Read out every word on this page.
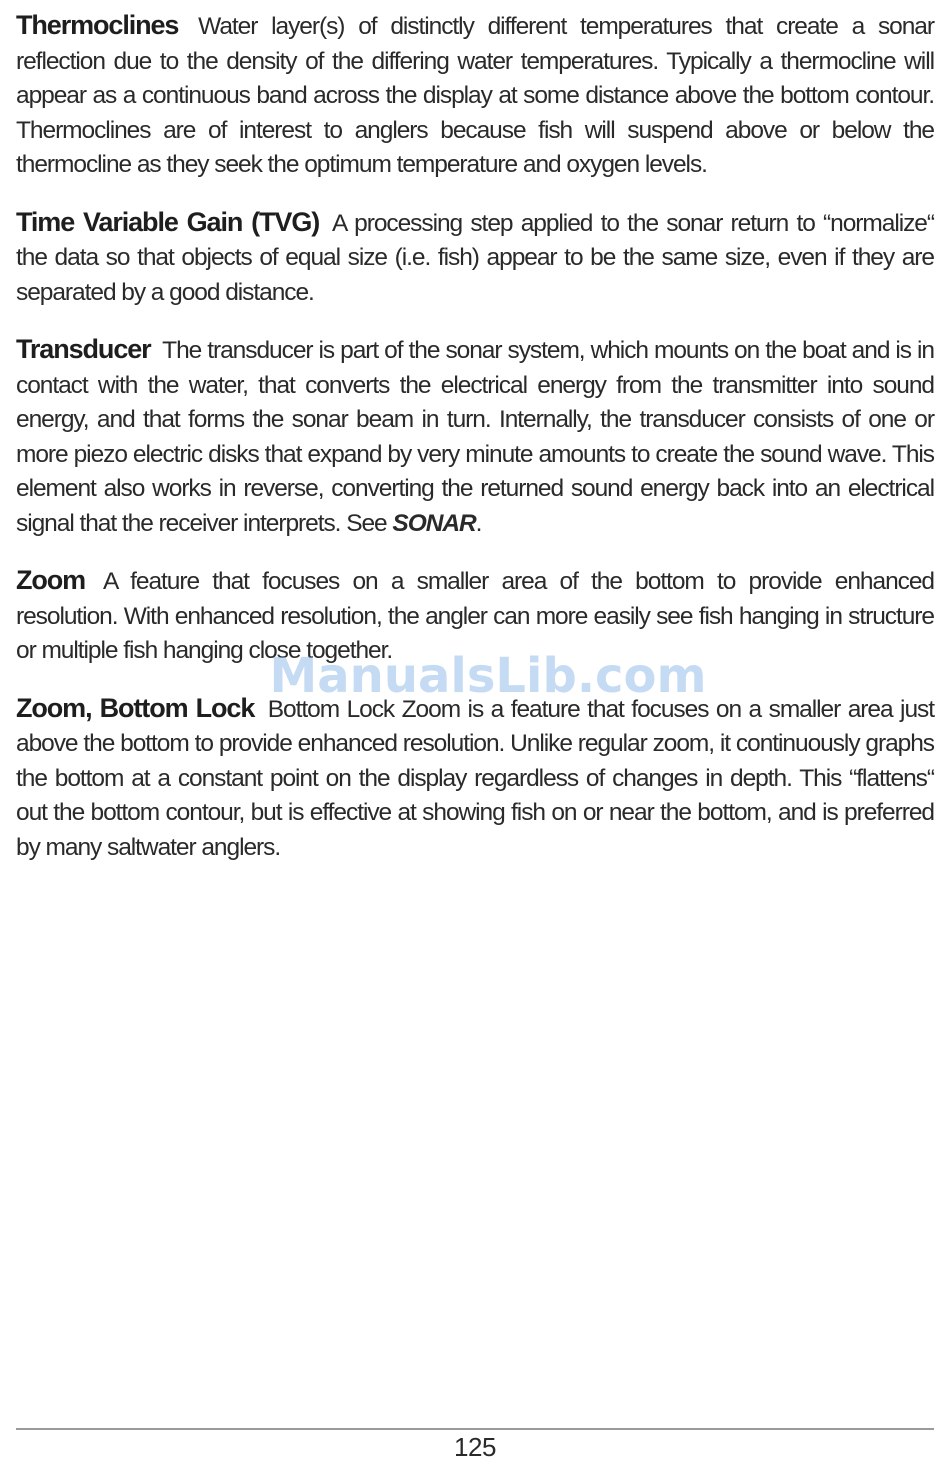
Thermoclines Water layer(s) of distinctly different temperatures that create a sonar reflection due to the density of the differing water temperatures. Typically a thermocline will appear as a continuous band across the display at some distance above the bottom contour. Thermoclines are of interest to anglers because fish will suspend above or below the thermocline as they seek the optimum temperature and oxygen levels.

Time Variable Gain (TVG) A processing step applied to the sonar return to “normalize“ the data so that objects of equal size (i.e. fish) appear to be the same size, even if they are separated by a good distance.

Transducer The transducer is part of the sonar system, which mounts on the boat and is in contact with the water, that converts the electrical energy from the transmitter into sound energy, and that forms the sonar beam in turn. Internally, the transducer consists of one or more piezo electric disks that expand by very minute amounts to create the sound wave. This element also works in reverse, converting the returned sound energy back into an electrical signal that the receiver interprets. See SONAR.

Zoom A feature that focuses on a smaller area of the bottom to provide enhanced resolution. With enhanced resolution, the angler can more easily see fish hanging in structure or multiple fish hanging close together.

Zoom, Bottom Lock Bottom Lock Zoom is a feature that focuses on a smaller area just above the bottom to provide enhanced resolution. Unlike regular zoom, it continuously graphs the bottom at a constant point on the display regardless of changes in depth. This “flattens“ out the bottom contour, but is effective at showing fish on or near the bottom, and is preferred by many saltwater anglers.

ManualsLib.com
125
